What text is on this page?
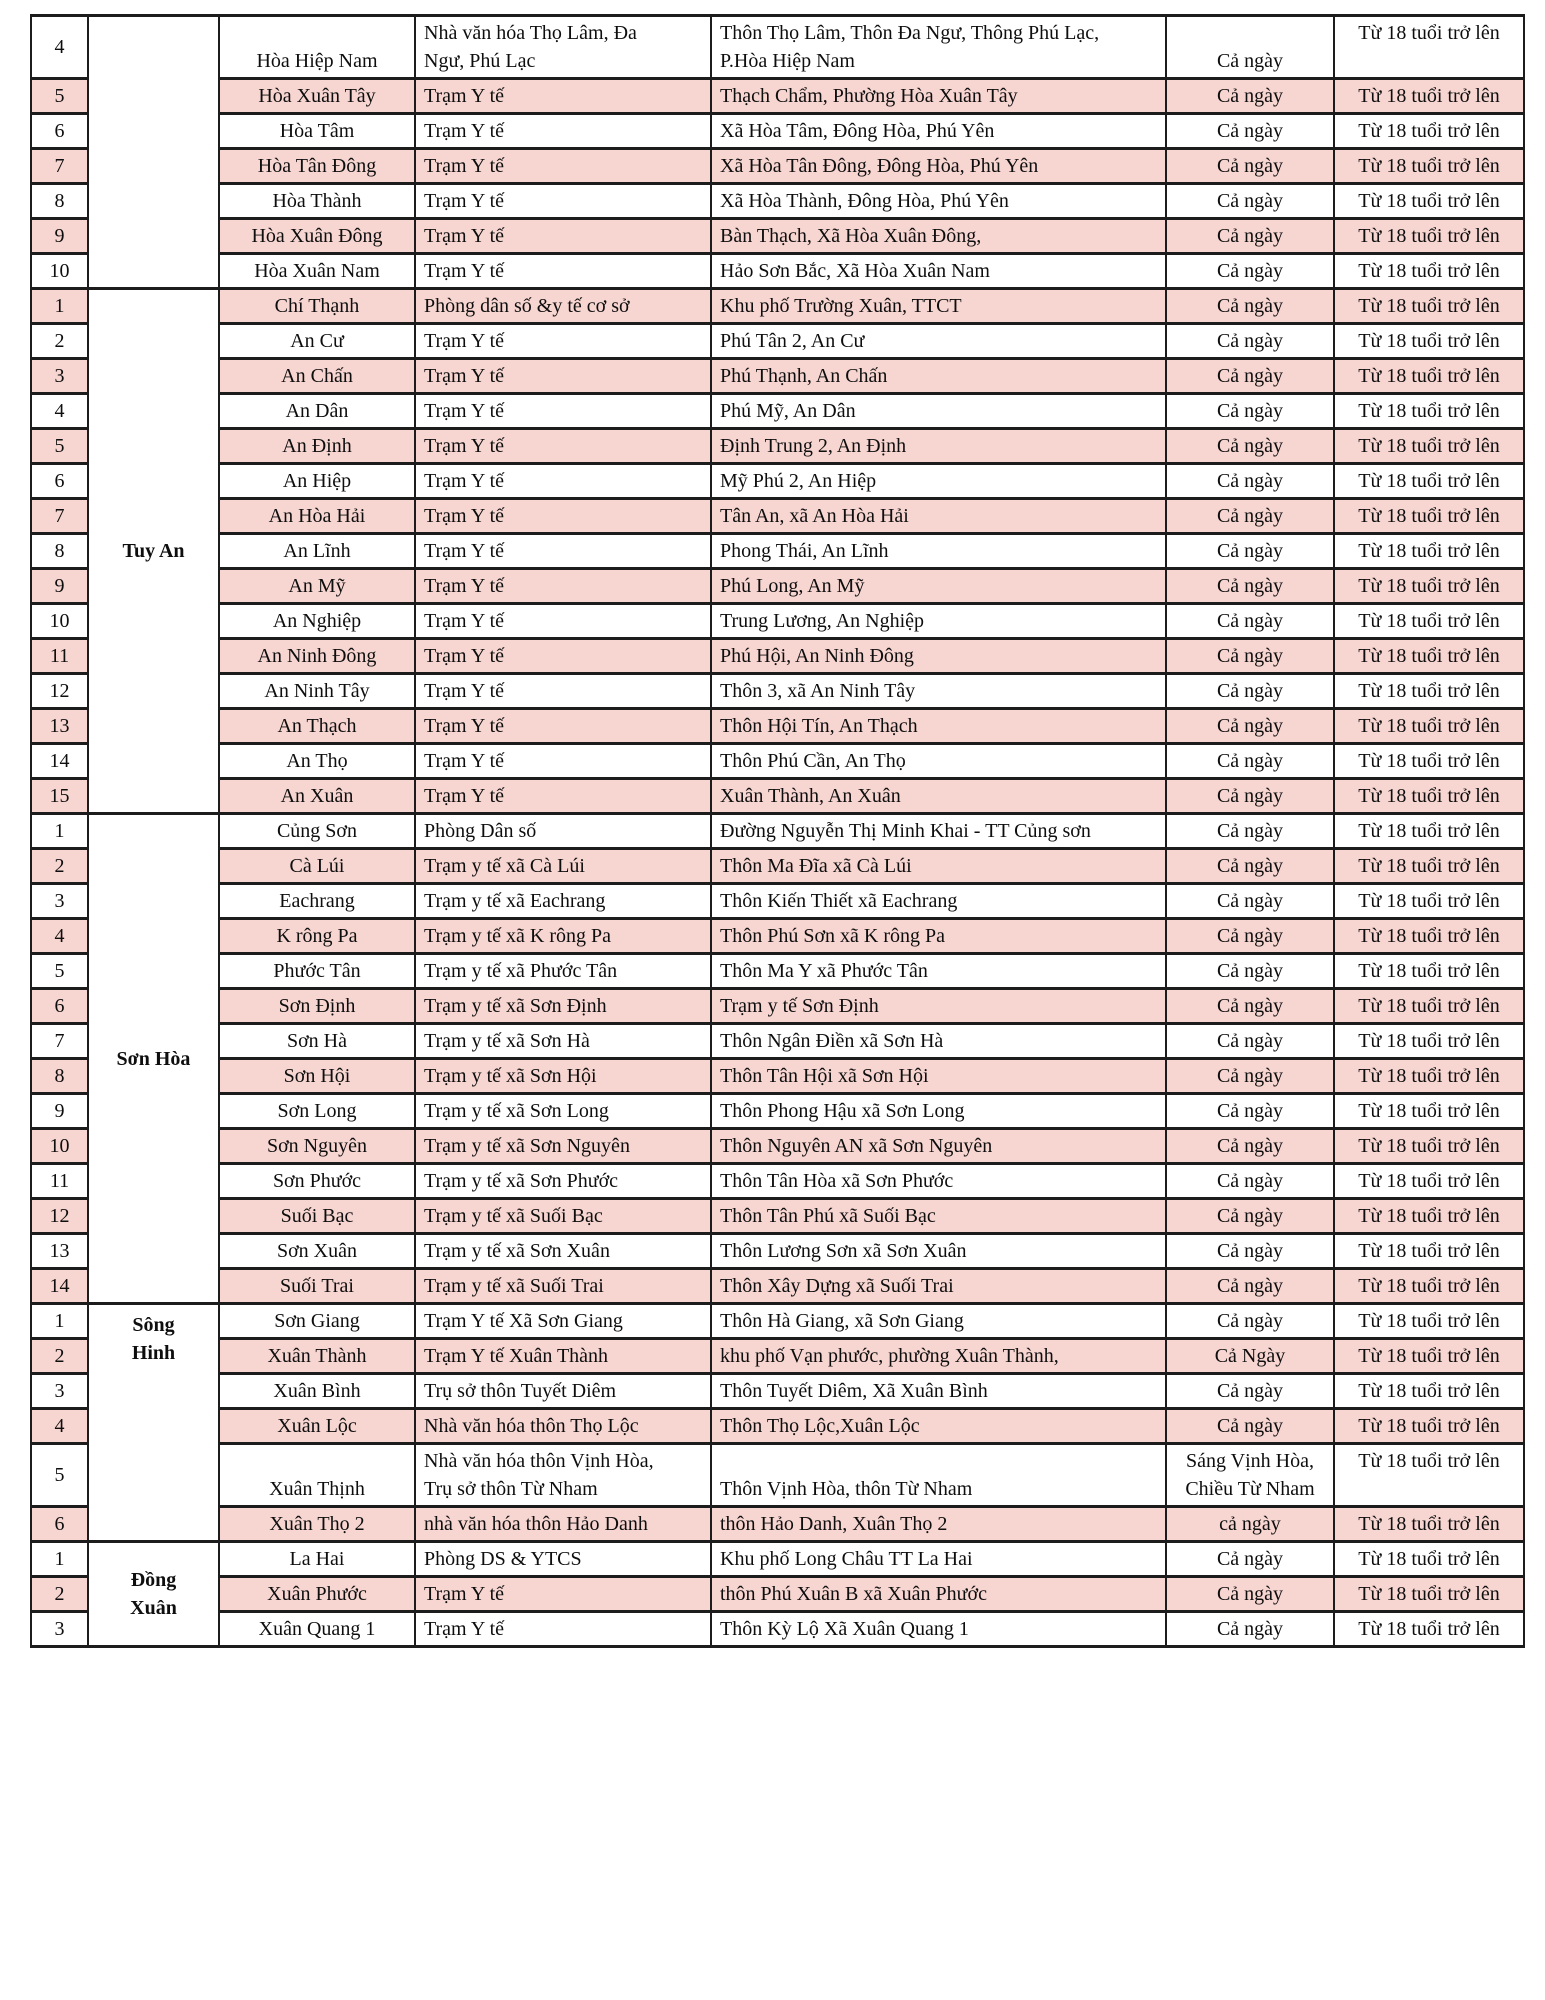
4		Hòa Hiệp Nam	Nhà văn hóa Thọ Lâm, Đa Ngư, Phú Lạc	Thôn Thọ Lâm, Thôn Đa Ngư, Thông Phú Lạc, P.Hòa Hiệp Nam	Cả ngày	Từ 18 tuổi trở lên
5		Hòa Xuân Tây	Trạm Y tế	Thạch Chẩm, Phường Hòa Xuân Tây	Cả ngày	Từ 18 tuổi trở lên
6		Hòa Tâm	Trạm Y tế	Xã Hòa Tâm, Đông Hòa, Phú Yên	Cả ngày	Từ 18 tuổi trở lên
7		Hòa Tân Đông	Trạm Y tế	Xã Hòa Tân Đông, Đông Hòa, Phú Yên	Cả ngày	Từ 18 tuổi trở lên
8		Hòa Thành	Trạm Y tế	Xã Hòa Thành, Đông Hòa, Phú Yên	Cả ngày	Từ 18 tuổi trở lên
9		Hòa Xuân Đông	Trạm Y tế	Bàn Thạch, Xã Hòa Xuân Đông,	Cả ngày	Từ 18 tuổi trở lên
10		Hòa Xuân Nam	Trạm Y tế	Hảo Sơn Bắc, Xã Hòa Xuân Nam	Cả ngày	Từ 18 tuổi trở lên
1	Tuy An	Chí Thạnh	Phòng dân số &y tế cơ sở	Khu phố Trường Xuân, TTCT	Cả ngày	Từ 18 tuổi trở lên
2		An Cư	Trạm Y tế	Phú Tân 2, An Cư	Cả ngày	Từ 18 tuổi trở lên
3		An Chấn	Trạm Y tế	Phú Thạnh, An Chấn	Cả ngày	Từ 18 tuổi trở lên
4		An Dân	Trạm Y tế	Phú Mỹ, An Dân	Cả ngày	Từ 18 tuổi trở lên
5		An Định	Trạm Y tế	Định Trung 2, An Định	Cả ngày	Từ 18 tuổi trở lên
6		An Hiệp	Trạm Y tế	Mỹ Phú 2, An Hiệp	Cả ngày	Từ 18 tuổi trở lên
7		An Hòa Hải	Trạm Y tế	Tân An, xã An Hòa Hải	Cả ngày	Từ 18 tuổi trở lên
8		An Lĩnh	Trạm Y tế	Phong Thái, An Lĩnh	Cả ngày	Từ 18 tuổi trở lên
9		An Mỹ	Trạm Y tế	Phú Long, An Mỹ	Cả ngày	Từ 18 tuổi trở lên
10		An Nghiệp	Trạm Y tế	Trung Lương, An Nghiệp	Cả ngày	Từ 18 tuổi trở lên
11		An Ninh Đông	Trạm Y tế	Phú Hội, An Ninh Đông	Cả ngày	Từ 18 tuổi trở lên
12		An Ninh Tây	Trạm Y tế	Thôn 3, xã An Ninh Tây	Cả ngày	Từ 18 tuổi trở lên
13		An Thạch	Trạm Y tế	Thôn Hội Tín, An Thạch	Cả ngày	Từ 18 tuổi trở lên
14		An Thọ	Trạm Y tế	Thôn Phú Cần, An Thọ	Cả ngày	Từ 18 tuổi trở lên
15		An Xuân	Trạm Y tế	Xuân Thành, An Xuân	Cả ngày	Từ 18 tuổi trở lên
1	Sơn Hòa	Củng Sơn	Phòng Dân số	Đường Nguyễn Thị Minh Khai - TT Củng sơn	Cả ngày	Từ 18 tuổi trở lên
2		Cà Lúi	Trạm y tế xã Cà Lúi	Thôn Ma Đĩa xã Cà Lúi	Cả ngày	Từ 18 tuổi trở lên
3		Eachrang	Trạm y tế xã Eachrang	Thôn Kiến Thiết xã Eachrang	Cả ngày	Từ 18 tuổi trở lên
4		K rông Pa	Trạm y tế xã K rông Pa	Thôn Phú Sơn xã K rông Pa	Cả ngày	Từ 18 tuổi trở lên
5		Phước Tân	Trạm y tế xã Phước Tân	Thôn Ma Y xã Phước Tân	Cả ngày	Từ 18 tuổi trở lên
6		Sơn Định	Trạm y tế xã Sơn Định	Trạm y tế Sơn Định	Cả ngày	Từ 18 tuổi trở lên
7		Sơn Hà	Trạm y tế xã Sơn Hà	Thôn Ngân Điền xã Sơn Hà	Cả ngày	Từ 18 tuổi trở lên
8		Sơn Hội	Trạm y tế xã Sơn Hội	Thôn Tân Hội xã Sơn Hội	Cả ngày	Từ 18 tuổi trở lên
9		Sơn Long	Trạm y tế xã Sơn Long	Thôn Phong Hậu xã Sơn Long	Cả ngày	Từ 18 tuổi trở lên
10		Sơn Nguyên	Trạm y tế xã Sơn Nguyên	Thôn Nguyên AN xã Sơn Nguyên	Cả ngày	Từ 18 tuổi trở lên
11		Sơn Phước	Trạm y tế xã Sơn Phước	Thôn Tân Hòa xã Sơn Phước	Cả ngày	Từ 18 tuổi trở lên
12		Suối Bạc	Trạm y tế xã Suối Bạc	Thôn Tân Phú xã Suối Bạc	Cả ngày	Từ 18 tuổi trở lên
13		Sơn Xuân	Trạm y tế xã Sơn Xuân	Thôn Lương Sơn xã Sơn Xuân	Cả ngày	Từ 18 tuổi trở lên
14		Suối Trai	Trạm y tế xã Suối Trai	Thôn Xây Dựng xã Suối Trai	Cả ngày	Từ 18 tuổi trở lên
1	Sông Hinh	Sơn Giang	Trạm Y tế Xã Sơn Giang	Thôn Hà Giang, xã Sơn Giang	Cả ngày	Từ 18 tuổi trở lên
2		Xuân Thành	Trạm Y tế Xuân Thành	khu phố Vạn phước, phường Xuân Thành,	Cả Ngày	Từ 18 tuổi trở lên
3		Xuân Bình	Trụ sở thôn Tuyết Diêm	Thôn Tuyết Diêm, Xã Xuân Bình	Cả ngày	Từ 18 tuổi trở lên
4		Xuân Lộc	Nhà văn hóa thôn Thọ Lộc	Thôn Thọ Lộc,Xuân Lộc	Cả ngày	Từ 18 tuổi trở lên
5		Xuân Thịnh	Nhà văn hóa thôn Vịnh Hòa, Trụ sở thôn Từ Nham	Thôn Vịnh Hòa, thôn Từ Nham	Sáng Vịnh Hòa, Chiều Từ Nham	Từ 18 tuổi trở lên
6		Xuân Thọ 2	nhà văn hóa thôn Hảo Danh	thôn Hảo Danh, Xuân Thọ 2	cả ngày	Từ 18 tuổi trở lên
1	Đồng Xuân	La Hai	Phòng DS & YTCS	Khu phố Long Châu TT La Hai	Cả ngày	Từ 18 tuổi trở lên
2		Xuân Phước	Trạm Y tế	thôn Phú Xuân B xã Xuân Phước	Cả ngày	Từ 18 tuổi trở lên
3		Xuân Quang 1	Trạm Y tế	Thôn Kỳ Lộ Xã Xuân Quang 1	Cả ngày	Từ 18 tuổi trở lên
